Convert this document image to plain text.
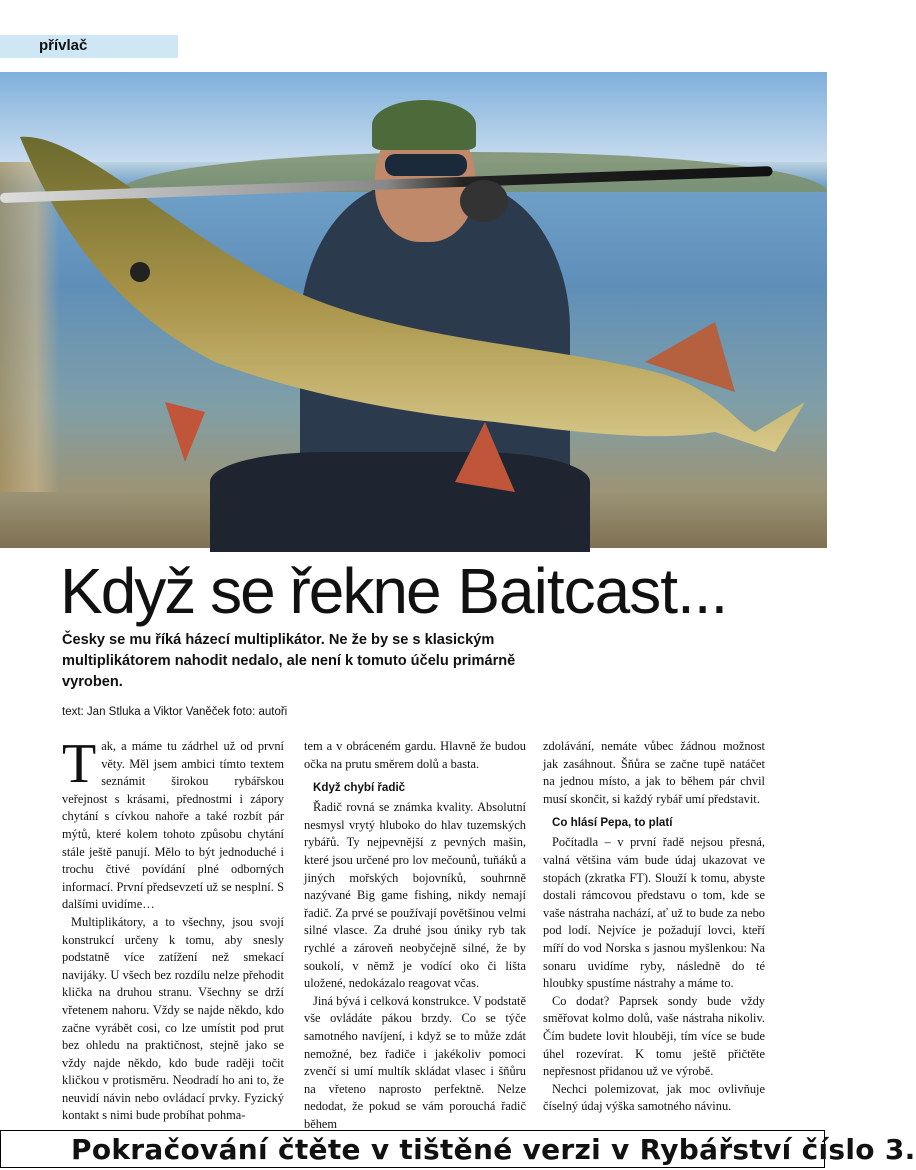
přívlač
Když se řekne Baitcast...

Česky se mu říká házecí multiplikátor. Ne že by se s klasickým multiplikátorem nahodit nedalo, ale není k tomuto účelu primárně vyroben.

text: Jan Stluka a Viktor Vaněček foto: autoři

Tak, a máme tu zádrhel už od první věty. Měl jsem ambici tímto textem seznámit širokou rybářskou veřejnost s krásami, přednostmi i zápory chytání s cívkou nahoře a také rozbít pár mýtů, které kolem tohoto způsobu chytání stále ještě panují. Mělo to být jednoduché i trochu čtivé povídání plné odborných informací. První předsevzetí už se nesplní. S dalšími uvidíme…

Multiplikátory, a to všechny, jsou svojí konstrukcí určeny k tomu, aby snesly podstatně více zatížení než smekací navijáky. U všech bez rozdílu nelze přehodit klička na druhou stranu. Všechny se drží vřetenem nahoru. Vždy se najde někdo, kdo začne vyrábět cosi, co lze umístit pod prut bez ohledu na praktičnost, stejně jako se vždy najde někdo, kdo bude raději točit kličkou v protisměru. Neodradí ho ani to, že neuvidí návin nebo ovládací prvky. Fyzický kontakt s nimi bude probíhat pohma-

tem a v obráceném gardu. Hlavně že budou očka na prutu směrem dolů a basta.

Když chybí řadič

Řadič rovná se známka kvality. Absolutní nesmysl vrytý hluboko do hlav tuzemských rybářů. Ty nejpevnější z pevných mašin, které jsou určené pro lov mečounů, tuňáků a jiných mořských bojovníků, souhrnně nazývané Big game fishing, nikdy nemají řadič. Za prvé se používají povětšinou velmi silné vlasce. Za druhé jsou úniky ryb tak rychlé a zároveň neobyčejně silné, že by soukolí, v němž je vodící oko či lišta uložené, nedokázalo reagovat včas.

Jiná bývá i celková konstrukce. V podstatě vše ovládáte pákou brzdy. Co se týče samotného navíjení, i když se to může zdát nemožné, bez řadiče i jakékoliv pomoci zvenčí si umí multík skládat vlasec i šňůru na vřeteno naprosto perfektně. Nelze nedodat, že pokud se vám porouchá řadič během

zdolávání, nemáte vůbec žádnou možnost jak zasáhnout. Šňůra se začne tupě natáčet na jednou místo, a jak to během pár chvil musí skončit, si každý rybář umí představit.

Co hlásí Pepa, to platí

Počítadla – v první řadě nejsou přesná, valná většina vám bude údaj ukazovat ve stopách (zkratka FT). Slouží k tomu, abyste dostali rámcovou představu o tom, kde se vaše nástraha nachází, ať už to bude za nebo pod lodí. Nejvíce je požadují lovci, kteří míří do vod Norska s jasnou myšlenkou: Na sonaru uvidíme ryby, následně do té hloubky spustíme nástrahy a máme to.

Co dodat? Paprsek sondy bude vždy směřovat kolmo dolů, vaše nástraha nikoliv. Čím budete lovit hlouběji, tím více se bude úhel rozevírat. K tomu ještě přičtěte nepřesnost přidanou už ve výrobě.

Nechci polemizovat, jak moc ovlivňuje číselný údaj výška samotného návinu.

Pokračování čtěte v tištěné verzi v Rybářství číslo 3.
